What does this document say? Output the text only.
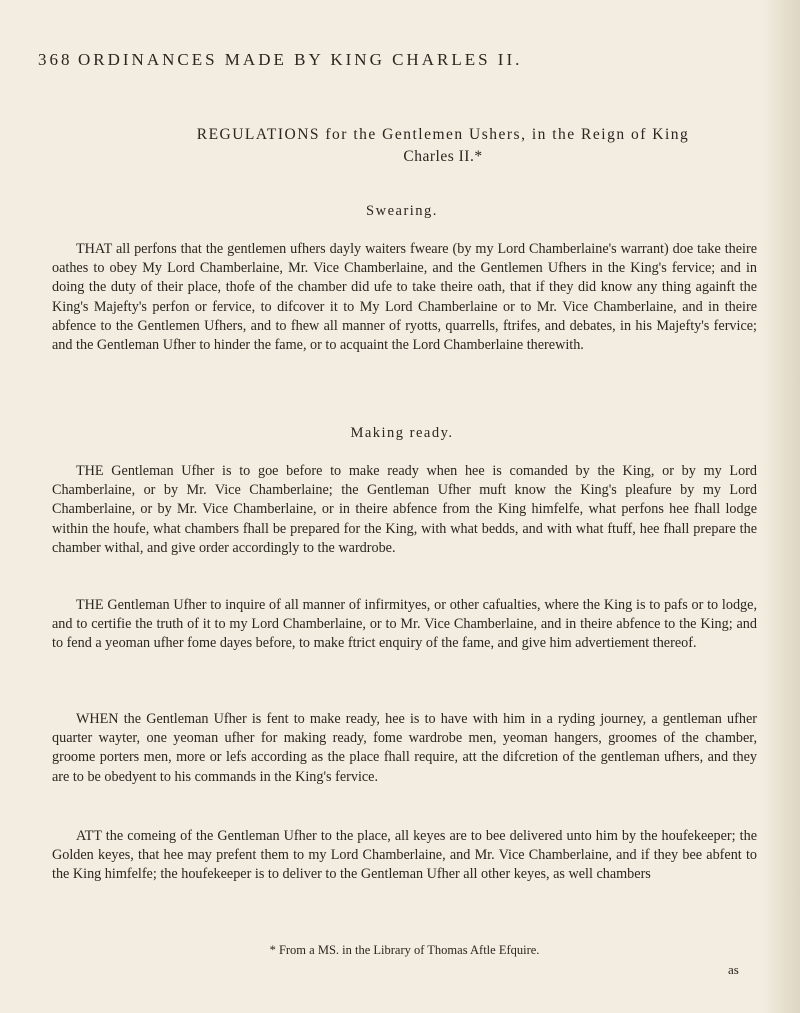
368 ORDINANCES MADE BY KING CHARLES II.
REGULATIONS for the Gentlemen Ushers, in the Reign of King
Charles II.*
Swearing.

THAT all perfons that the gentlemen ufhers dayly waiters fweare (by my Lord Chamberlaine's warrant) doe take theire oathes to obey My Lord Chamberlaine, Mr. Vice Chamberlaine, and the Gentlemen Ufhers in the King's fervice; and in doing the duty of their place, thofe of the chamber did ufe to take theire oath, that if they did know any thing againft the King's Majefty's perfon or fervice, to difcover it to My Lord Chamberlaine or to Mr. Vice Chamberlaine, and in theire abfence to the Gentlemen Ufhers, and to fhew all manner of ryotts, quarrells, ftrifes, and debates, in his Majefty's fervice; and the Gentleman Ufher to hinder the fame, or to acquaint the Lord Chamberlaine therewith.

Making ready.

THE Gentleman Ufher is to goe before to make ready when hee is comanded by the King, or by my Lord Chamberlaine, or by Mr. Vice Chamberlaine; the Gentleman Ufher muft know the King's pleafure by my Lord Chamberlaine, or by Mr. Vice Chamberlaine, or in theire abfence from the King himfelfe, what perfons hee fhall lodge within the houfe, what chambers fhall be prepared for the King, with what bedds, and with what ftuff, hee fhall prepare the chamber withal, and give order accordingly to the wardrobe.

THE Gentleman Ufher to inquire of all manner of infirmityes, or other cafualties, where the King is to pafs or to lodge, and to certifie the truth of it to my Lord Chamberlaine, or to Mr. Vice Chamberlaine, and in theire abfence to the King; and to fend a yeoman ufher fome dayes before, to make ftrict enquiry of the fame, and give him advertiement thereof.

WHEN the Gentleman Ufher is fent to make ready, hee is to have with him in a ryding journey, a gentleman ufher quarter wayter, one yeoman ufher for making ready, fome wardrobe men, yeoman hangers, groomes of the chamber, groome porters men, more or lefs according as the place fhall require, att the difcretion of the gentleman ufhers, and they are to be obedyent to his commands in the King's fervice.

ATT the comeing of the Gentleman Ufher to the place, all keyes are to bee delivered unto him by the houfekeeper; the Golden keyes, that hee may prefent them to my Lord Chamberlaine, and Mr. Vice Chamberlaine, and if they bee abfent to the King himfelfe; the houfekeeper is to deliver to the Gentleman Ufher all other keyes, as well chambers

* From a MS. in the Library of Thomas Aftle Efquire.
as
